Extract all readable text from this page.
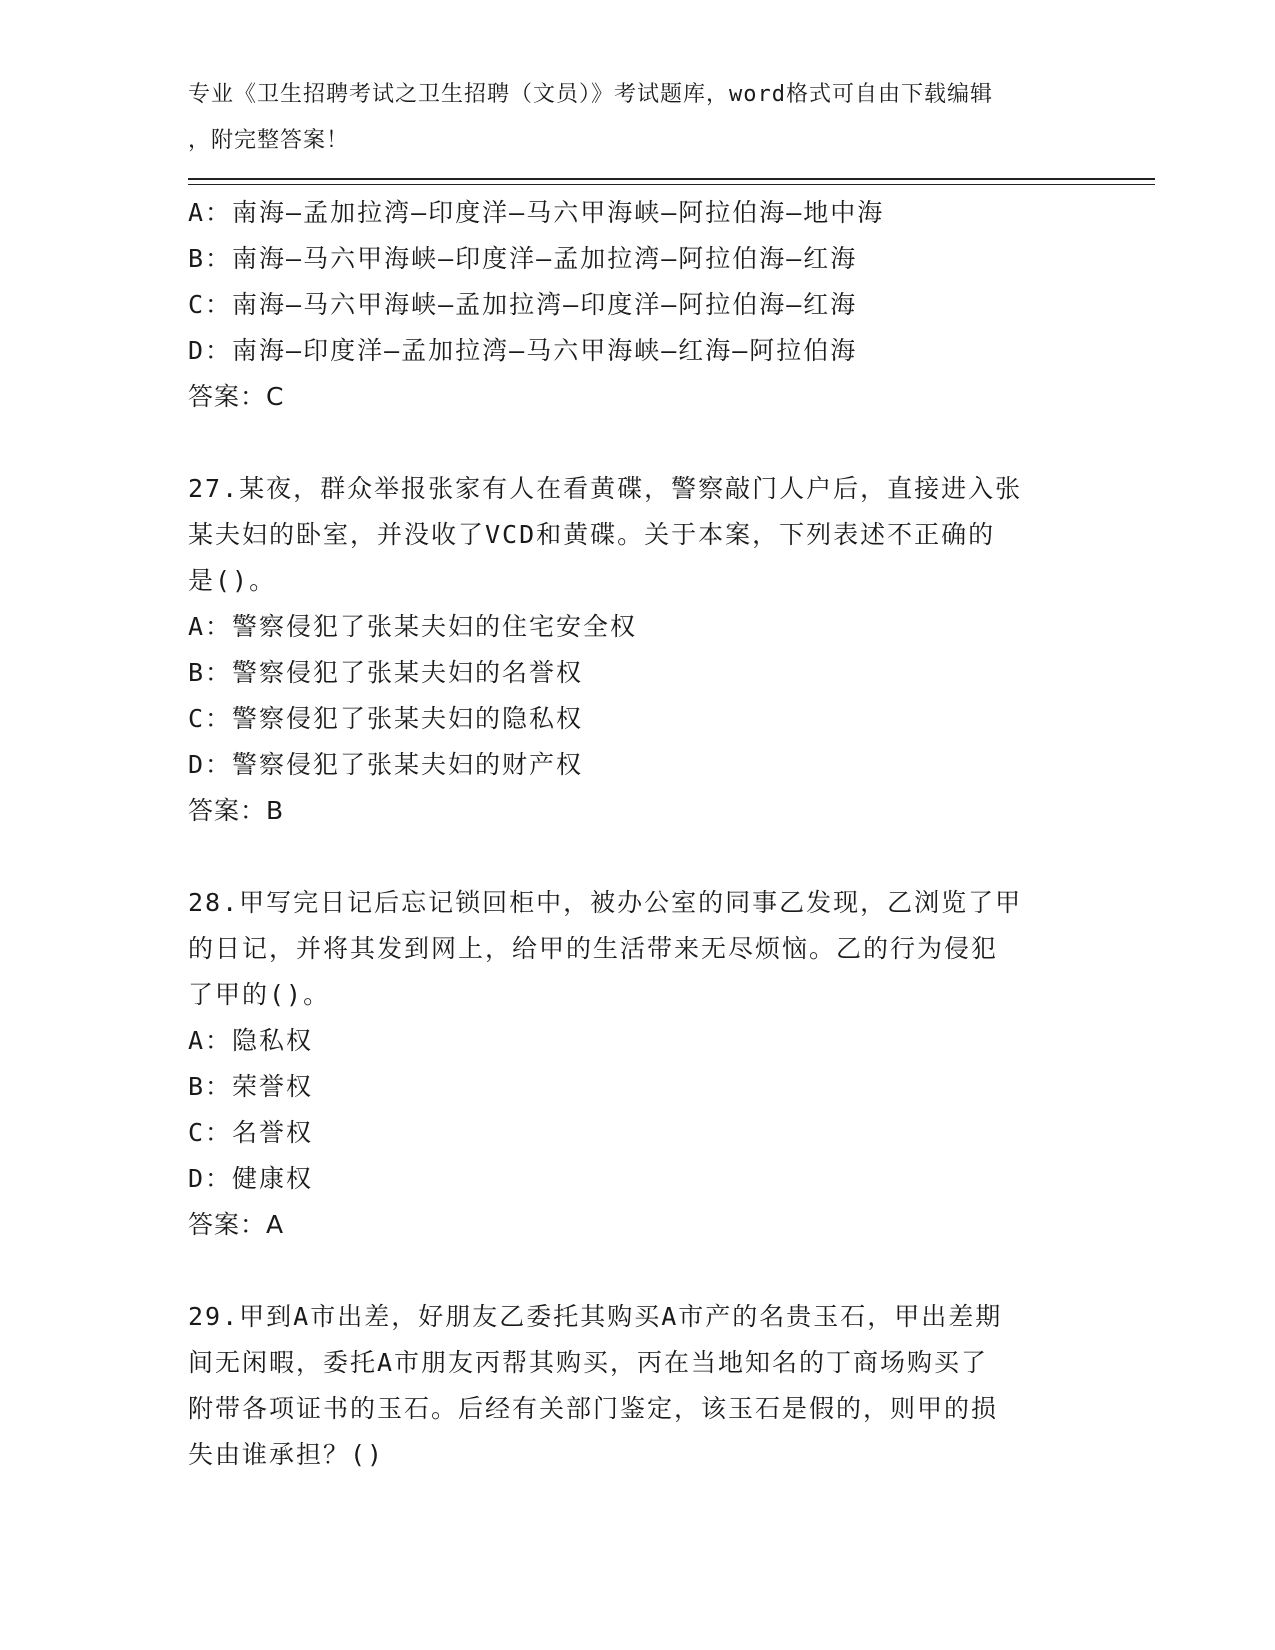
专业《卫生招聘考试之卫生招聘（文员）》考试题库，word格式可自由下载编辑
，附完整答案！
A：南海—孟加拉湾—印度洋—马六甲海峡—阿拉伯海—地中海
B：南海—马六甲海峡—印度洋—孟加拉湾—阿拉伯海—红海
C：南海—马六甲海峡—孟加拉湾—印度洋—阿拉伯海—红海
D：南海—印度洋—孟加拉湾—马六甲海峡—红海—阿拉伯海
答案：C
27.某夜，群众举报张家有人在看黄碟，警察敲门人户后，直接进入张
某夫妇的卧室，并没收了VCD和黄碟。关于本案，下列表述不正确的
是()。
A：警察侵犯了张某夫妇的住宅安全权
B：警察侵犯了张某夫妇的名誉权
C：警察侵犯了张某夫妇的隐私权
D：警察侵犯了张某夫妇的财产权
答案：B
28.甲写完日记后忘记锁回柜中，被办公室的同事乙发现，乙浏览了甲
的日记，并将其发到网上，给甲的生活带来无尽烦恼。乙的行为侵犯
了甲的()。
A：隐私权
B：荣誉权
C：名誉权
D：健康权
答案：A
29.甲到A市出差，好朋友乙委托其购买A市产的名贵玉石，甲出差期
间无闲暇，委托A市朋友丙帮其购买，丙在当地知名的丁商场购买了
附带各项证书的玉石。后经有关部门鉴定，该玉石是假的，则甲的损
失由谁承担？()
